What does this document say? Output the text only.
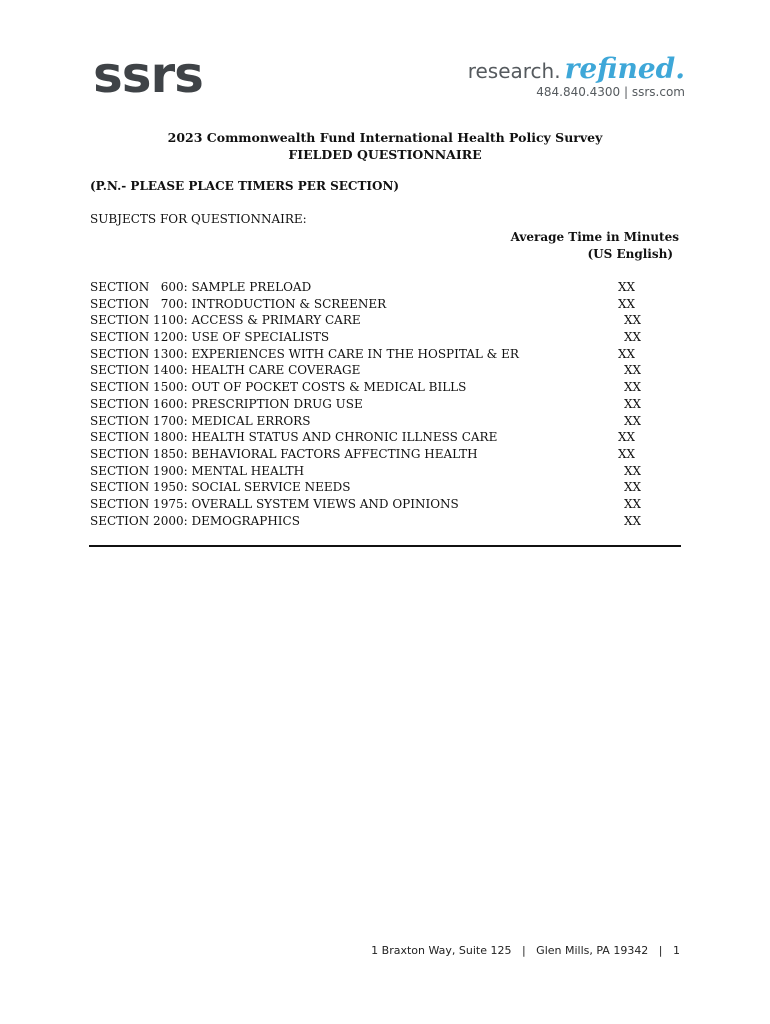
ssrs	research. refined.
484.840.4300 | ssrs.com
2023 Commonwealth Fund International Health Policy Survey
FIELDED QUESTIONNAIRE
(P.N.- PLEASE PLACE TIMERS PER SECTION)
SUBJECTS FOR QUESTIONNAIRE:
Average Time in Minutes
(US English)
SECTION   600: SAMPLE PRELOAD	XX
SECTION   700: INTRODUCTION & SCREENER	XX
SECTION 1100: ACCESS & PRIMARY CARE	XX
SECTION 1200: USE OF SPECIALISTS	XX
SECTION 1300: EXPERIENCES WITH CARE IN THE HOSPITAL & ER	XX
SECTION 1400: HEALTH CARE COVERAGE	XX
SECTION 1500: OUT OF POCKET COSTS & MEDICAL BILLS	XX
SECTION 1600: PRESCRIPTION DRUG USE	XX
SECTION 1700: MEDICAL ERRORS	XX
SECTION 1800: HEALTH STATUS AND CHRONIC ILLNESS CARE	XX
SECTION 1850: BEHAVIORAL FACTORS AFFECTING HEALTH	XX
SECTION 1900: MENTAL HEALTH	XX
SECTION 1950: SOCIAL SERVICE NEEDS	XX
SECTION 1975: OVERALL SYSTEM VIEWS AND OPINIONS	XX
SECTION 2000: DEMOGRAPHICS	XX
1 Braxton Way, Suite 125   |   Glen Mills, PA 19342   |   1
